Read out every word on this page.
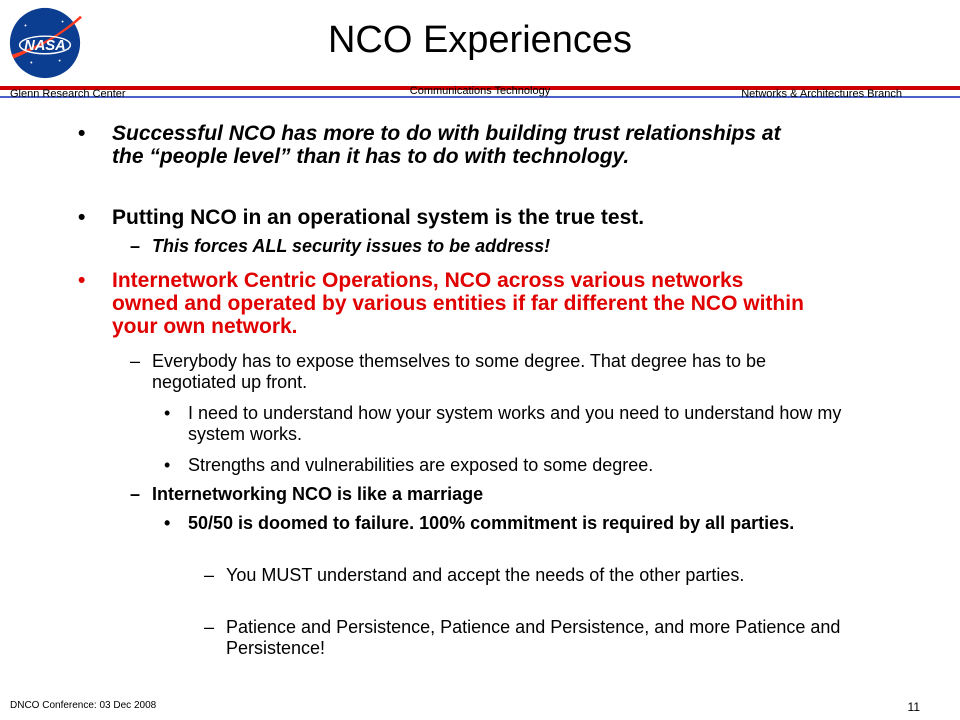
NASA	NCO Experiences
Glenn Research Center	Communications Technology	Networks & Architectures Branch
• Successful NCO has more to do with building trust relationships at the “people level” than it has to do with technology.
• Putting NCO in an operational system is the true test.
– This forces ALL security issues to be address!
• Internetwork Centric Operations, NCO across various networks owned and operated by various entities if far different the NCO within your own network.
– Everybody has to expose themselves to some degree. That degree has to be negotiated up front.
• I need to understand how your system works and you need to understand how my system works.
• Strengths and vulnerabilities are exposed to some degree.
– Internetworking NCO is like a marriage
• 50/50 is doomed to failure. 100% commitment is required by all parties.
– You MUST understand and accept the needs of the other parties.
– Patience and Persistence, Patience and Persistence, and more Patience and Persistence!
DNCO Conference: 03 Dec 2008	11
